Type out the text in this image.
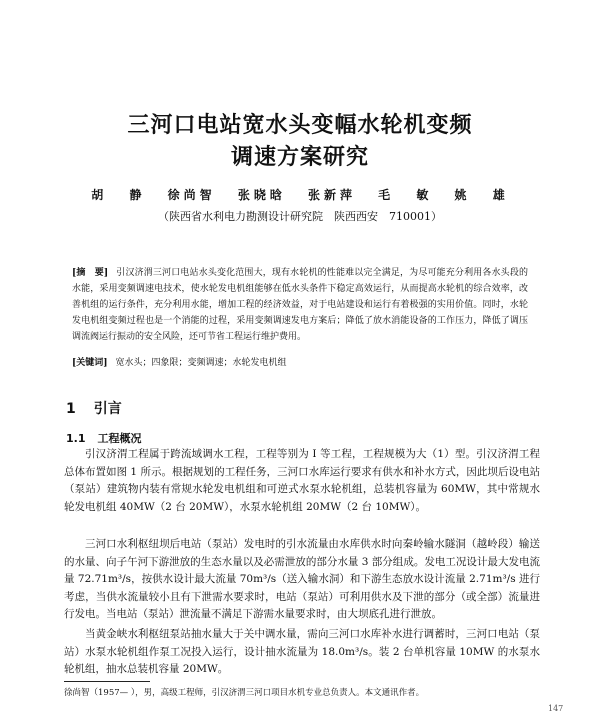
三河口电站宽水头变幅水轮机变频
调速方案研究
胡 静 徐尚智 张晓晗 张新萍 毛 敏 姚 雄
（陕西省水利电力勘测设计研究院　陕西西安　710001）
[摘　要] 引汉济渭三河口电站水头变化范围大，现有水轮机的性能难以完全满足，为尽可能充分利用各水头段的水能，采用变频调速电技术，使水轮发电机组能够在低水头条件下稳定高效运行，从而提高水轮机的综合效率，改善机组的运行条件，充分利用水能，增加工程的经济效益，对于电站建设和运行有着极强的实用价值。同时，水轮发电机组变频过程也是一个消能的过程，采用变频调速发电方案后；降低了放水消能设备的工作压力，降低了调压调流阀运行振动的安全风险，还可节省工程运行维护费用。
[关键词] 宽水头；四象限；变频调速；水轮发电机组
1 引言
1.1 工程概况
引汉济渭工程属于跨流域调水工程，工程等别为 I 等工程，工程规模为大（1）型。引汉济渭工程总体布置如图 1 所示。根据规划的工程任务，三河口水库运行要求有供水和补水方式，因此坝后设电站（泵站）建筑物内装有常规水轮发电机组和可逆式水泵水轮机组，总装机容量为 60MW，其中常规水轮发电机组 40MW（2 台 20MW），水泵水轮机组 20MW（2 台 10MW）。
三河口水利枢纽坝后电站（泵站）发电时的引水流量由水库供水时向秦岭输水隧洞（越岭段）输送的水量、向子午河下游泄放的生态水量以及必需泄放的部分水量 3 部分组成。发电工况设计最大发电流量 72.71m³/s，按供水设计最大流量 70m³/s（送入输水洞）和下游生态放水设计流量 2.71m³/s 进行考虑，当供水流量较小且有下泄需水要求时，电站（泵站）可利用供水及下泄的部分（或全部）流量进行发电。当电站（泵站）泄流量不满足下游需水量要求时，由大坝底孔进行泄放。
当黄金峡水利枢纽泵站抽水量大于关中调水量，需向三河口水库补水进行调蓄时，三河口电站（泵站）水泵水轮机组作泵工况投入运行，设计抽水流量为 18.0m³/s。装 2 台单机容量 10MW 的水泵水轮机组，抽水总装机容量 20MW。
徐尚智（1957— ），男，高级工程师，引汉济渭三河口项目水机专业总负责人。本文通讯作者。
147
